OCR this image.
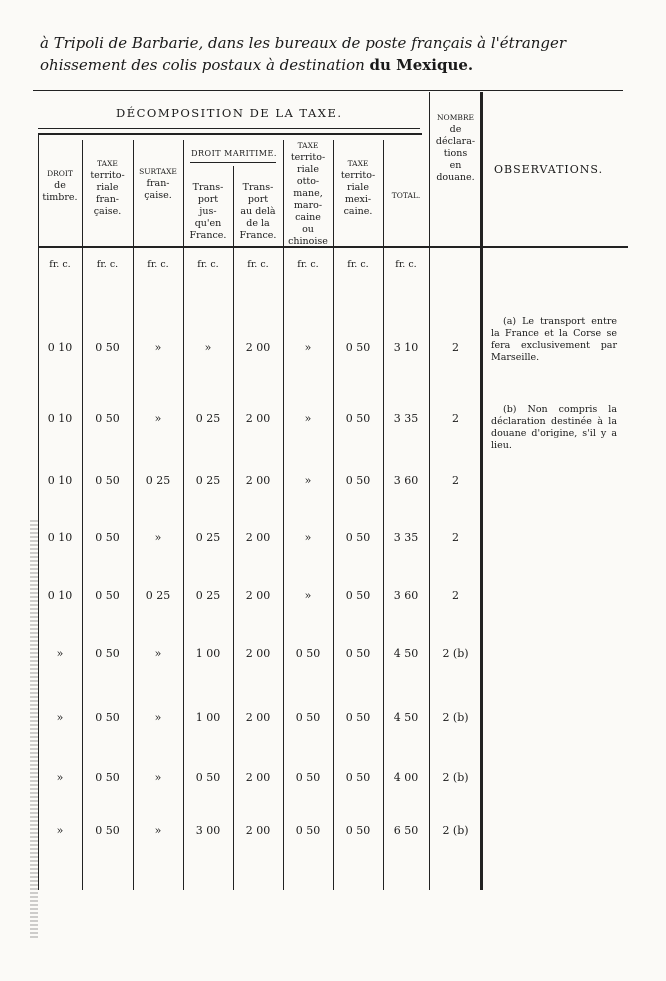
à Tripoli de Barbarie, dans les bureaux de poste français à l'étranger
ohissement des colis postaux à destination du Mexique.
DÉCOMPOSITION DE LA TAXE.
DROIT MARITIME.
OBSERVATIONS.
(a) Le transport entre la France et la Corse se fera exclusivement par Marseille.
(b) Non compris la déclaration destinée à la douane d'origine, s'il y a lieu.
DROIT
de
timbre.
fr. c.
TAXE
territo-
riale
fran-
çaise.
fr. c.
SURTAXE
fran-
çaise.
fr. c.
Trans-
port
jus-
qu'en
France.
fr. c.
Trans-
port
au delà
de la
France.
fr. c.
TAXE
territo-
riale
otto-
mane,
maro-
caine
ou
chinoise
fr. c.
TAXE
territo-
riale
mexi-
caine.
fr. c.
TOTAL.
fr. c.
NOMBRE
de
déclara-
tions
en
douane.
0 10	0 50	»	»	2 00	»	0 50	3 10	2
0 10	0 50	»	0 25	2 00	»	0 50	3 35	2
0 10	0 50	0 25	0 25	2 00	»	0 50	3 60	2
0 10	0 50	»	0 25	2 00	»	0 50	3 35	2
0 10	0 50	0 25	0 25	2 00	»	0 50	3 60	2
»	0 50	»	1 00	2 00	0 50	0 50	4 50	2 (b)
»	0 50	»	1 00	2 00	0 50	0 50	4 50	2 (b)
»	0 50	»	0 50	2 00	0 50	0 50	4 00	2 (b)
»	0 50	»	3 00	2 00	0 50	0 50	6 50	2 (b)
